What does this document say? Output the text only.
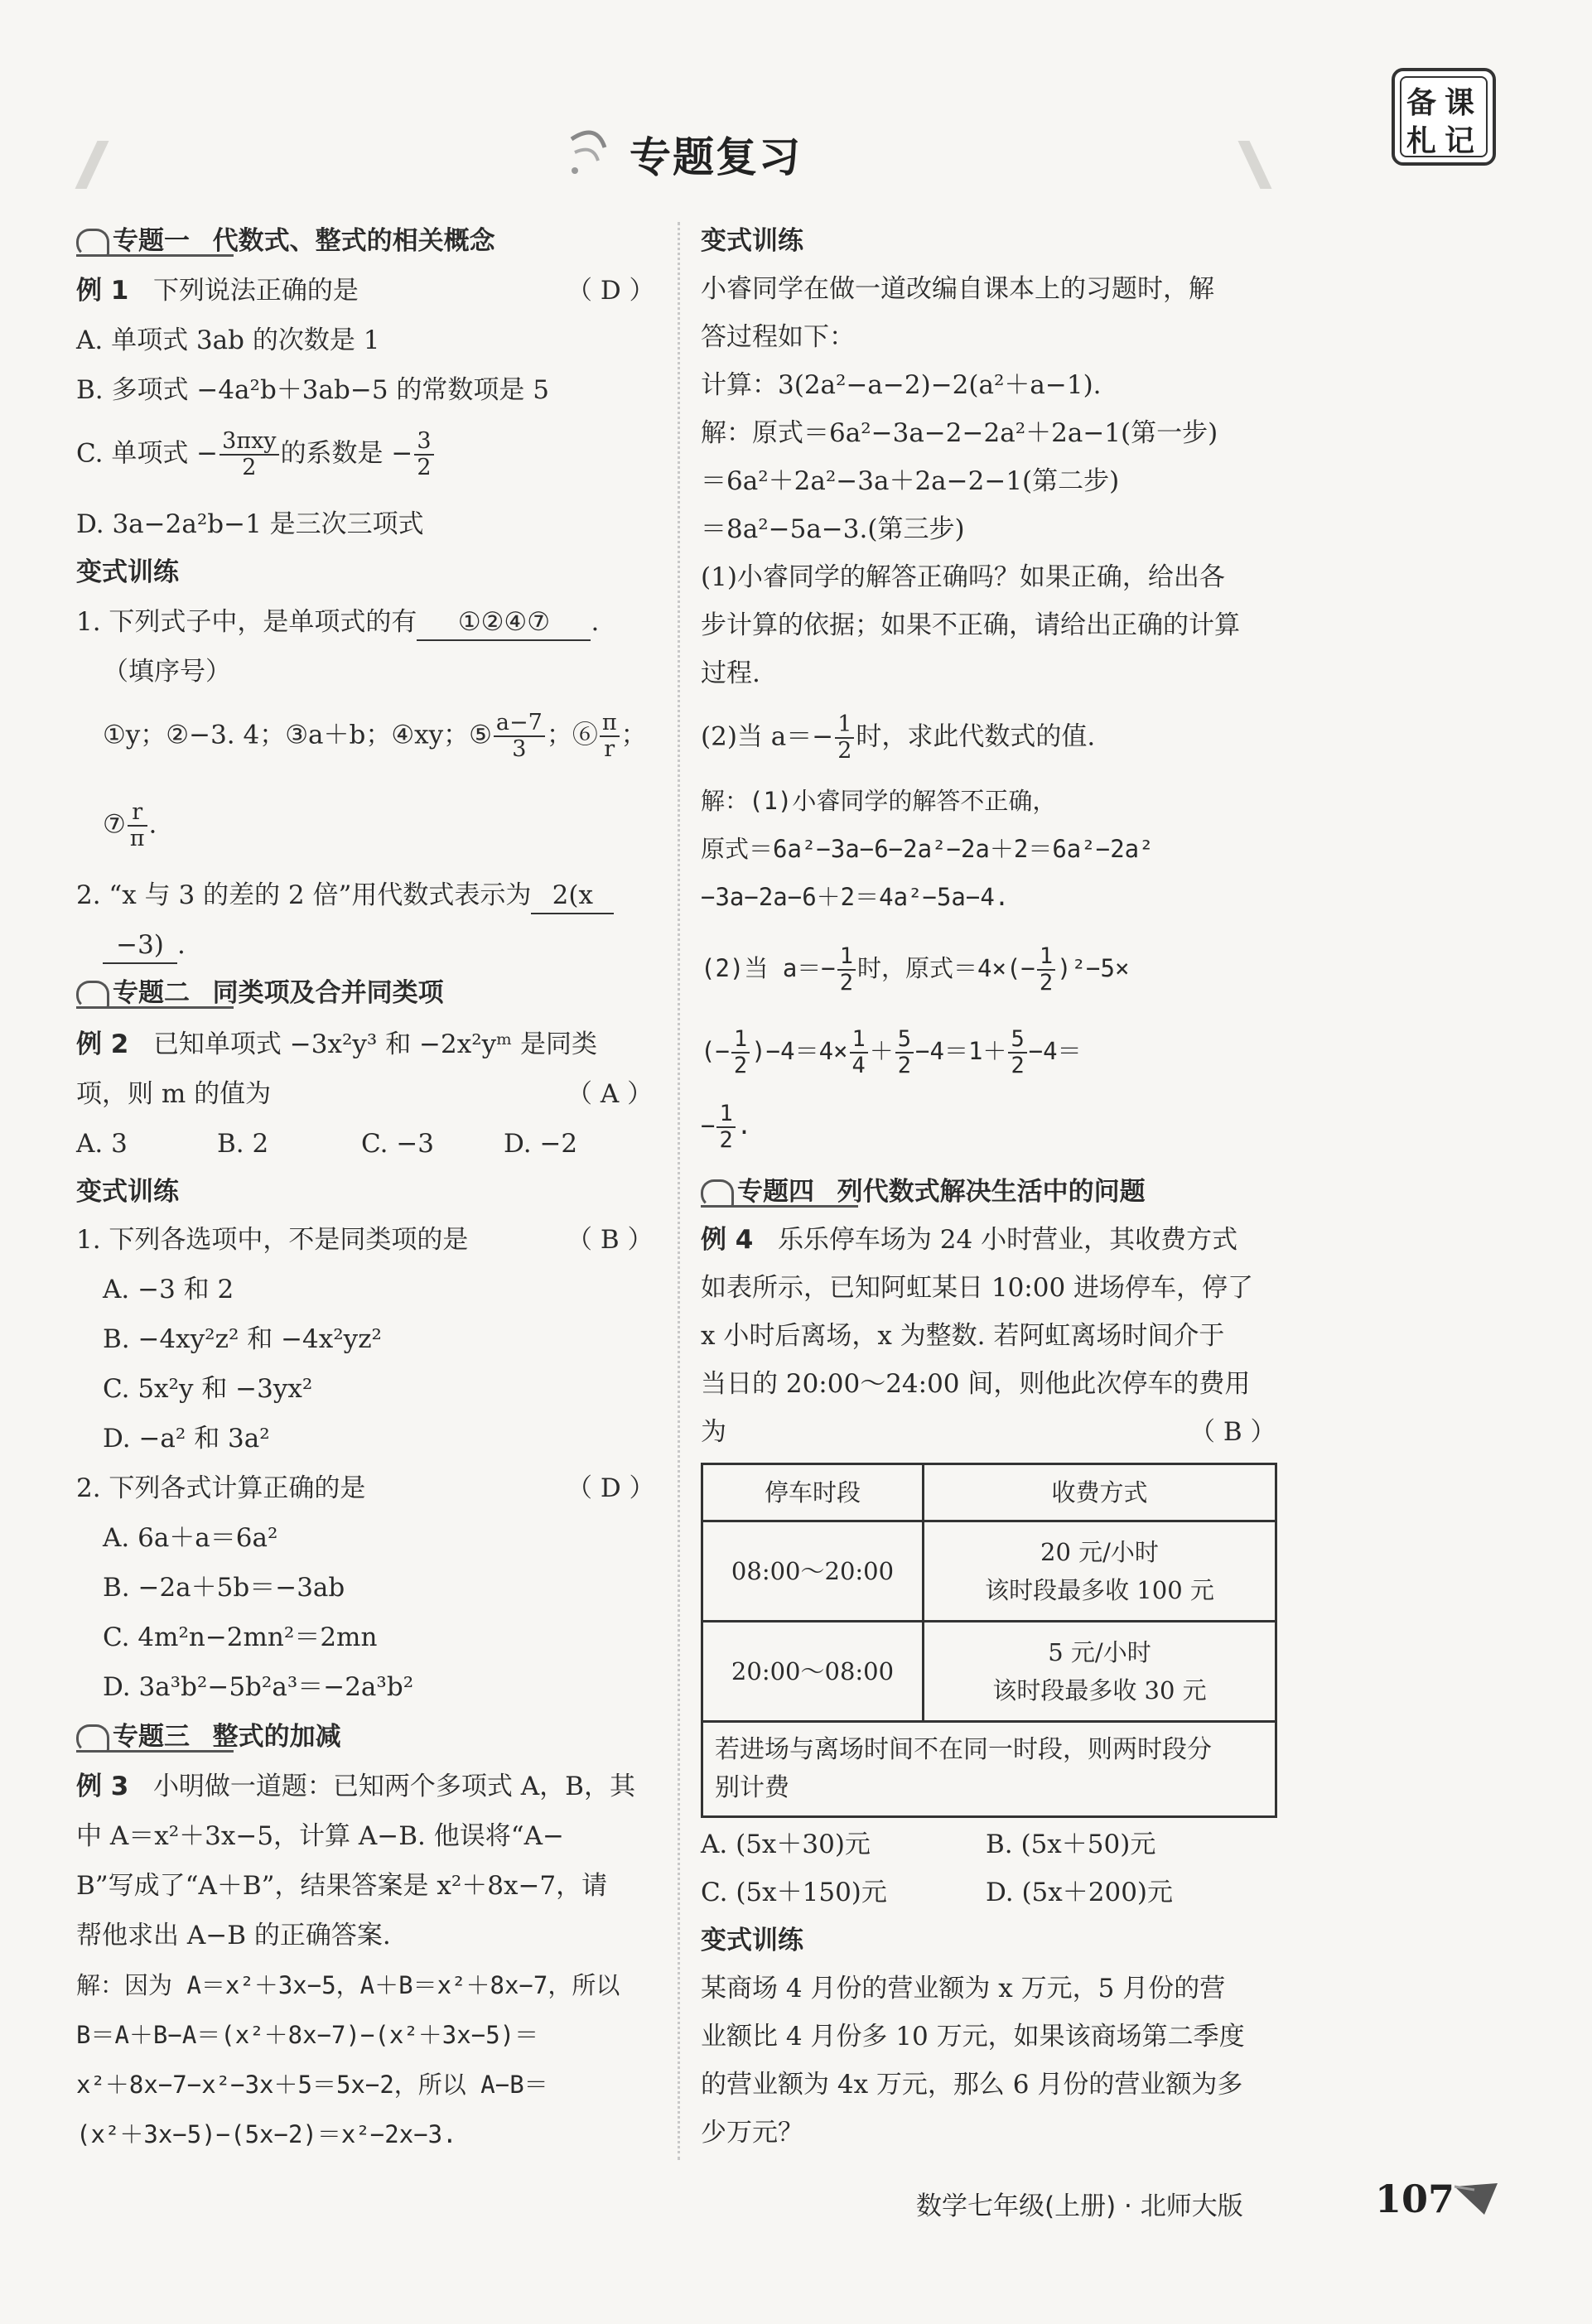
专题复习
备 课
札 记
专题一 代数式、整式的相关概念
例 1 下列说法正确的是	（ D ）
A. 单项式 3ab 的次数是 1
B. 多项式 −4a²b＋3ab−5 的常数项是 5
C. 单项式 − $\frac{\text{3πxy}}{2}$ 的系数是 − $\frac{3}{2}$
D. 3a−2a²b−1 是三次三项式
变式训练
1. 下列式子中，是单项式的有 ①②④⑦ .
（填序号）
①y；②−3. 4；③a＋b；④xy；⑤ $\frac{a-7}{3}$ ；⑥ $\frac{\pi}{r}$ ；
⑦ $\frac{r}{\pi}$ .
2. “x 与 3 的差的 2 倍”用代数式表示为 2(x
−3) .
专题二 同类项及合并同类项
例 2 已知单项式 −3x²y³ 和 −2x²yᵐ 是同类
项，则 m 的值为	（ A ）
A. 3	B. 2	C. −3	D. −2
变式训练
1. 下列各选项中，不是同类项的是	（ B ）
A. −3 和 2
B. −4xy²z² 和 −4x²yz²
C. 5x²y 和 −3yx²
D. −a² 和 3a²
2. 下列各式计算正确的是	（ D ）
A. 6a＋a＝6a²
B. −2a＋5b＝−3ab
C. 4m²n−2mn²＝2mn
D. 3a³b²−5b²a³＝−2a³b²
专题三 整式的加减
例 3 小明做一道题：已知两个多项式 A，B，其
中 A＝x²＋3x−5，计算 A−B. 他误将“A−
B”写成了“A＋B”，结果答案是 x²＋8x−7，请
帮他求出 A−B 的正确答案.
解：因为 A＝x²＋3x−5，A＋B＝x²＋8x−7，所以
B＝A＋B−A＝(x²＋8x−7)−(x²＋3x−5)＝
x²＋8x−7−x²−3x＋5＝5x−2，所以 A−B＝
(x²＋3x−5)−(5x−2)＝x²−2x−3.
变式训练
小睿同学在做一道改编自课本上的习题时，解
答过程如下：
计算：3(2a²−a−2)−2(a²＋a−1).
解：原式＝6a²−3a−2−2a²＋2a−1(第一步)
＝6a²＋2a²−3a＋2a−2−1(第二步)
＝8a²−5a−3.(第三步)
(1)小睿同学的解答正确吗？如果正确，给出各
步计算的依据；如果不正确，请给出正确的计算
过程.
(2)当 $a=- \frac{1}{2}$ 时，求此代数式的值.
解：(1)小睿同学的解答不正确，
原式＝6a²−3a−6−2a²−2a＋2＝6a²−2a²
−3a−2a−6＋2＝4a²−5a−4.
(2)当 $a=- \frac{1}{2}$ 时，原式$=4\times(- \frac{1}{2} )^2-5\times$
(− $\frac{1}{2} )-4=4\times \frac{1}{4} + \frac{5}{2} -4=1+ \frac{5}{2} -4=$
− $\frac{1}{2}$ .
专题四 列代数式解决生活中的问题
例 4 乐乐停车场为 24 小时营业，其收费方式
如表所示，已知阿虹某日 10:00 进场停车，停了
x 小时后离场，x 为整数. 若阿虹离场时间介于
当日的 20:00～24:00 间，则他此次停车的费用
为	（ B ）
停车时段	收费方式
08:00～20:00	20 元/小时
该时段最多收 100 元

20:00～08:00	5 元/小时
该时段最多收 30 元

若进场与离场时间不在同一时段，则两时段分
别计费	
A. (5x＋30)元	B. (5x＋50)元
C. (5x＋150)元	D. (5x＋200)元
变式训练
某商场 4 月份的营业额为 x 万元，5 月份的营
业额比 4 月份多 10 万元，如果该商场第二季度
的营业额为 4x 万元，那么 6 月份的营业额为多
少万元？
数学七年级(上册) · 北师大版	107
